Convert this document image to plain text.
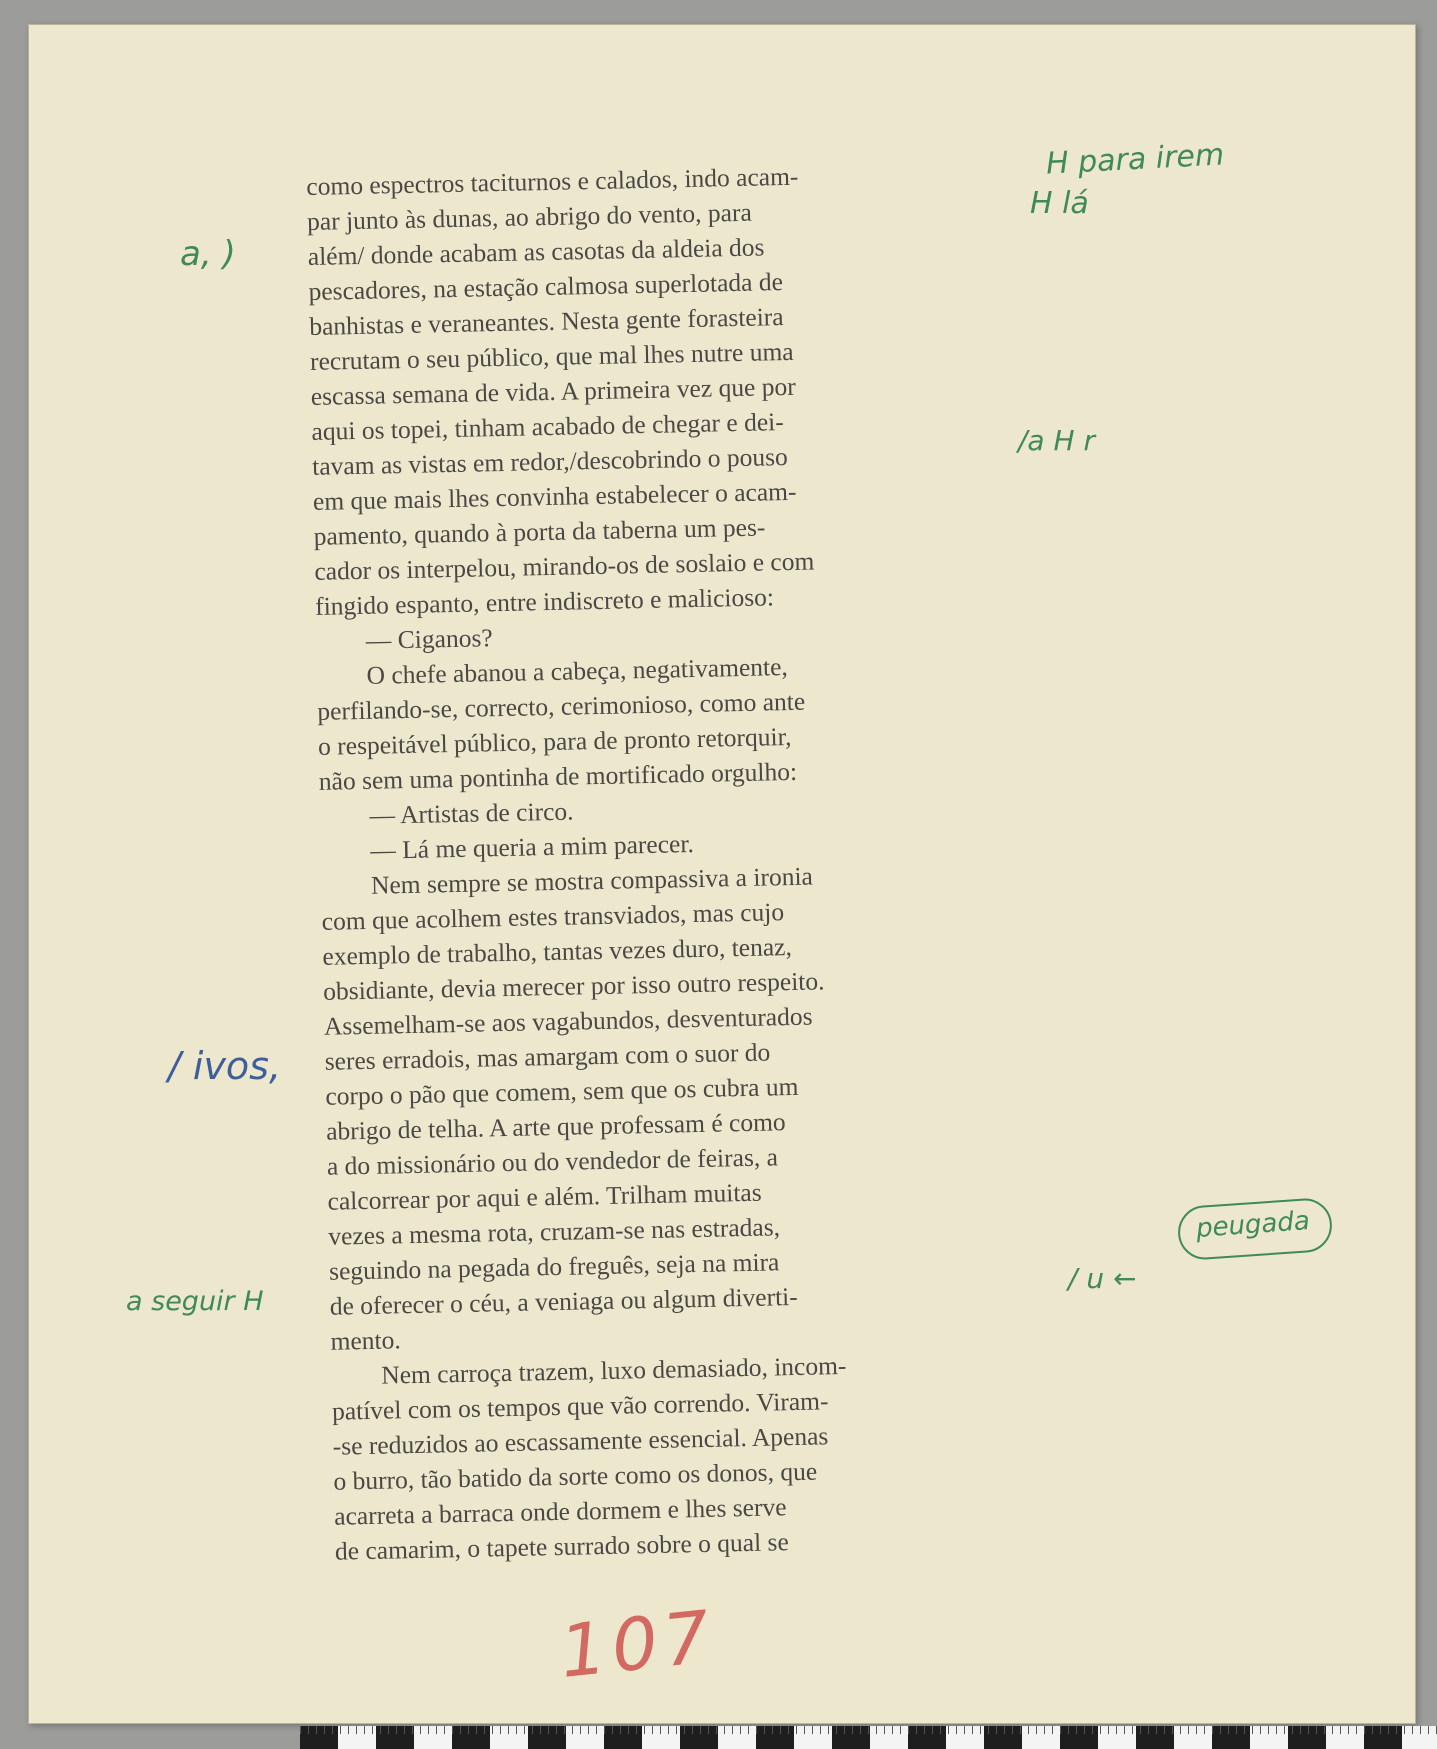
como espectros taciturnos e calados, indo acam-
par junto às dunas, ao abrigo do vento, para
além/ donde acabam as casotas da aldeia dos
pescadores, na estação calmosa superlotada de
banhistas e veraneantes. Nesta gente forasteira
recrutam o seu público, que mal lhes nutre uma
escassa semana de vida. A primeira vez que por
aqui os topei, tinham acabado de chegar e dei-
tavam as vistas em redor,/descobrindo o pouso
em que mais lhes convinha estabelecer o acam-
pamento, quando à porta da taberna um pes-
cador os interpelou, mirando-os de soslaio e com
fingido espanto, entre indiscreto e malicioso:
— Ciganos?
O chefe abanou a cabeça, negativamente,
perfilando-se, correcto, cerimonioso, como ante
o respeitável público, para de pronto retorquir,
não sem uma pontinha de mortificado orgulho:
— Artistas de circo.
— Lá me queria a mim parecer.
Nem sempre se mostra compassiva a ironia
com que acolhem estes transviados, mas cujo
exemplo de trabalho, tantas vezes duro, tenaz,
obsidiante, devia merecer por isso outro respeito.
Assemelham-se aos vagabundos, desventurados
seres erradois, mas amargam com o suor do
corpo o pão que comem, sem que os cubra um
abrigo de telha. A arte que professam é como
a do missionário ou do vendedor de feiras, a
calcorrear por aqui e além. Trilham muitas
vezes a mesma rota, cruzam-se nas estradas,
seguindo na pegada do freguês, seja na mira
de oferecer o céu, a veniaga ou algum diverti-
mento.
Nem carroça trazem, luxo demasiado, incom-
patível com os tempos que vão correndo. Viram-
-se reduzidos ao escassamente essencial. Apenas
o burro, tão batido da sorte como os donos, que
acarreta a barraca onde dormem e lhes serve
de camarim, o tapete surrado sobre o qual se
H para irem
H lá
a, )
/a H r
/ ivos,
peugada
/ u ←
a seguir H
107
